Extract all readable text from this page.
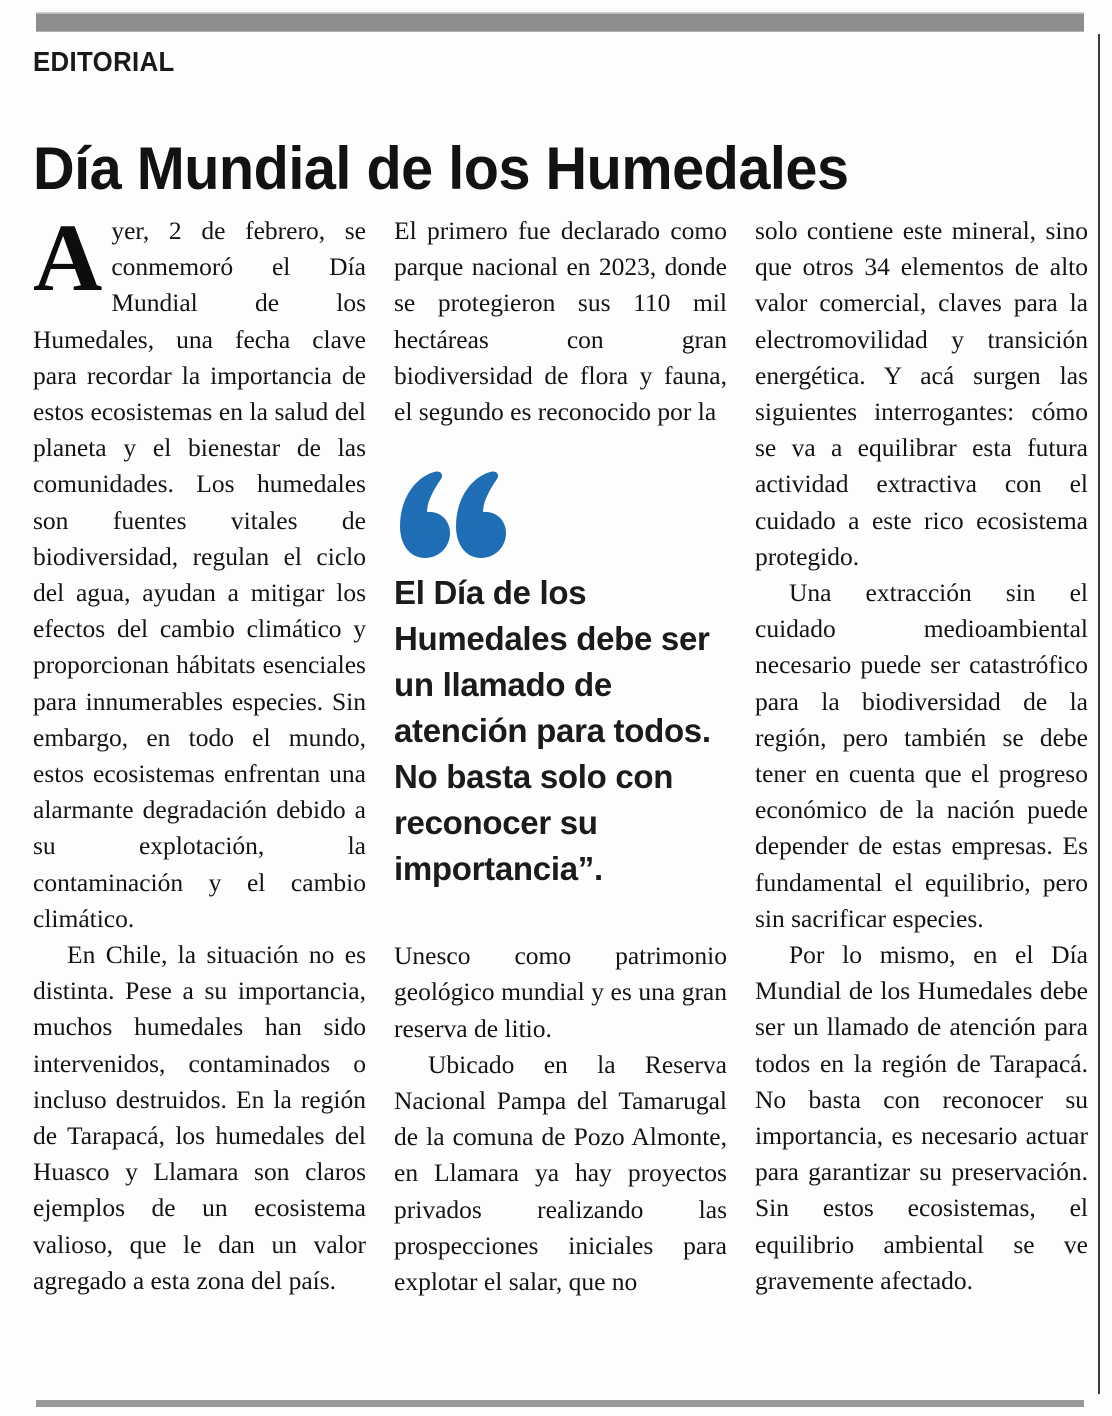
EDITORIAL
Día Mundial de los Humedales

Ayer, 2 de febrero, se conmemoró el Día Mundial de los Humedales, una fecha clave para recordar la importancia de estos ecosistemas en la salud del planeta y el bienestar de las comunidades. Los humedales son fuentes vitales de biodiversidad, regulan el ciclo del agua, ayudan a mitigar los efectos del cambio climático y proporcionan hábitats esenciales para innumerables especies. Sin embargo, en todo el mundo, estos ecosistemas enfrentan una alarmante degradación debido a su explotación, la contaminación y el cambio climático.

En Chile, la situación no es distinta. Pese a su importancia, muchos humedales han sido intervenidos, contaminados o incluso destruidos. En la región de Tarapacá, los humedales del Huasco y Llamara son claros ejemplos de un ecosistema valioso, que le dan un valor agregado a esta zona del país.

El primero fue declarado como parque nacional en 2023, donde se protegieron sus 110 mil hectáreas con gran biodiversidad de flora y fauna, el segundo es reconocido por la

El Día de los Humedales debe ser un llamado de atención para todos. No basta solo con reconocer su importancia”.

Unesco como patrimonio geológico mundial y es una gran reserva de litio.

Ubicado en la Reserva Nacional Pampa del Tamarugal de la comuna de Pozo Almonte, en Llamara ya hay proyectos privados realizando las prospecciones iniciales para explotar el salar, que no

solo contiene este mineral, sino que otros 34 elementos de alto valor comercial, claves para la electromovilidad y transición energética. Y acá surgen las siguientes interrogantes: cómo se va a equilibrar esta futura actividad extractiva con el cuidado a este rico ecosistema protegido.

Una extracción sin el cuidado medioambiental necesario puede ser catastrófico para la biodiversidad de la región, pero también se debe tener en cuenta que el progreso económico de la nación puede depender de estas empresas. Es fundamental el equilibrio, pero sin sacrificar especies.

Por lo mismo, en el Día Mundial de los Humedales debe ser un llamado de atención para todos en la región de Tarapacá. No basta con reconocer su importancia, es necesario actuar para garantizar su preservación. Sin estos ecosistemas, el equilibrio ambiental se ve gravemente afectado.
